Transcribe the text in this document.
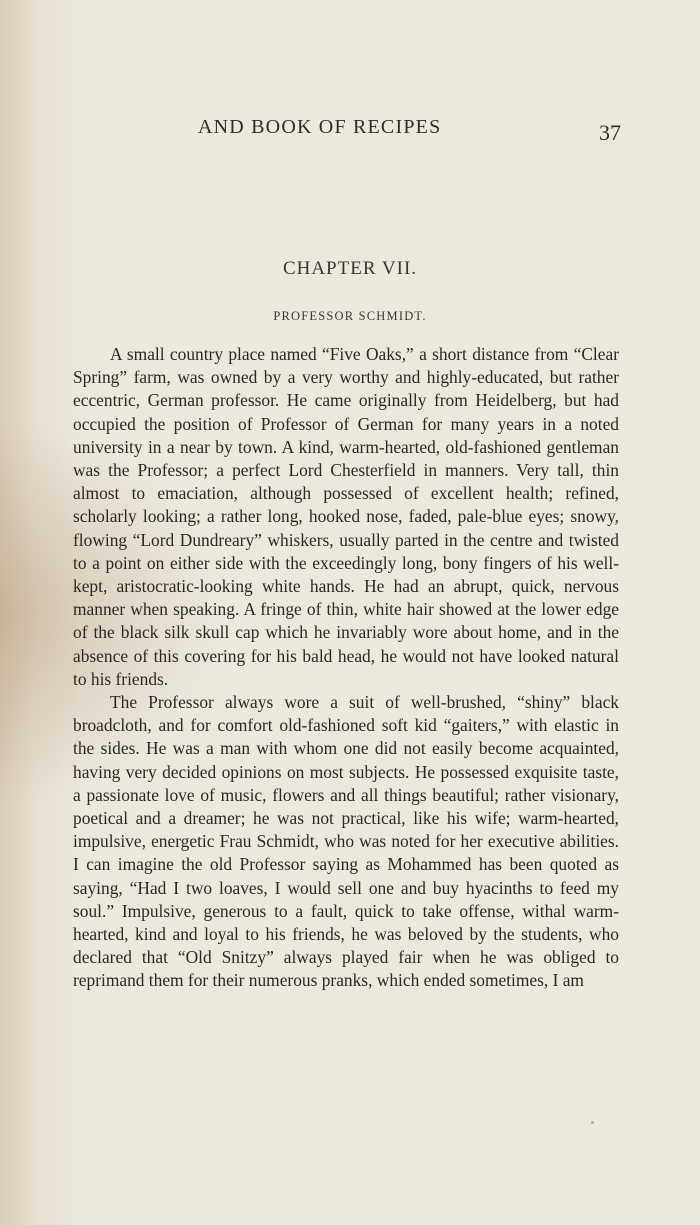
AND BOOK OF RECIPES	37
CHAPTER VII.
PROFESSOR SCHMIDT.

A small country place named “Five Oaks,” a short distance from “Clear Spring” farm, was owned by a very worthy and highly-educated, but rather eccentric, German professor. He came originally from Heidelberg, but had occupied the position of Professor of German for many years in a noted university in a near by town. A kind, warm-hearted, old-fashioned gentleman was the Professor; a perfect Lord Chesterfield in manners. Very tall, thin almost to emaciation, although possessed of excellent health; refined, scholarly looking; a rather long, hooked nose, faded, pale-blue eyes; snowy, flowing “Lord Dundreary” whiskers, usually parted in the centre and twisted to a point on either side with the exceedingly long, bony fingers of his well-kept, aristocratic-looking white hands. He had an abrupt, quick, nervous manner when speaking. A fringe of thin, white hair showed at the lower edge of the black silk skull cap which he invariably wore about home, and in the absence of this covering for his bald head, he would not have looked natural to his friends.

The Professor always wore a suit of well-brushed, “shiny” black broadcloth, and for comfort old-fashioned soft kid “gaiters,” with elastic in the sides. He was a man with whom one did not easily become acquainted, having very decided opinions on most subjects. He possessed exquisite taste, a passionate love of music, flowers and all things beautiful; rather visionary, poetical and a dreamer; he was not practical, like his wife; warm-hearted, impulsive, energetic Frau Schmidt, who was noted for her executive abilities. I can imagine the old Professor saying as Mohammed has been quoted as saying, “Had I two loaves, I would sell one and buy hyacinths to feed my soul.” Impulsive, generous to a fault, quick to take offense, withal warm-hearted, kind and loyal to his friends, he was beloved by the students, who declared that “Old Snitzy” always played fair when he was obliged to reprimand them for their numerous pranks, which ended sometimes, I am
